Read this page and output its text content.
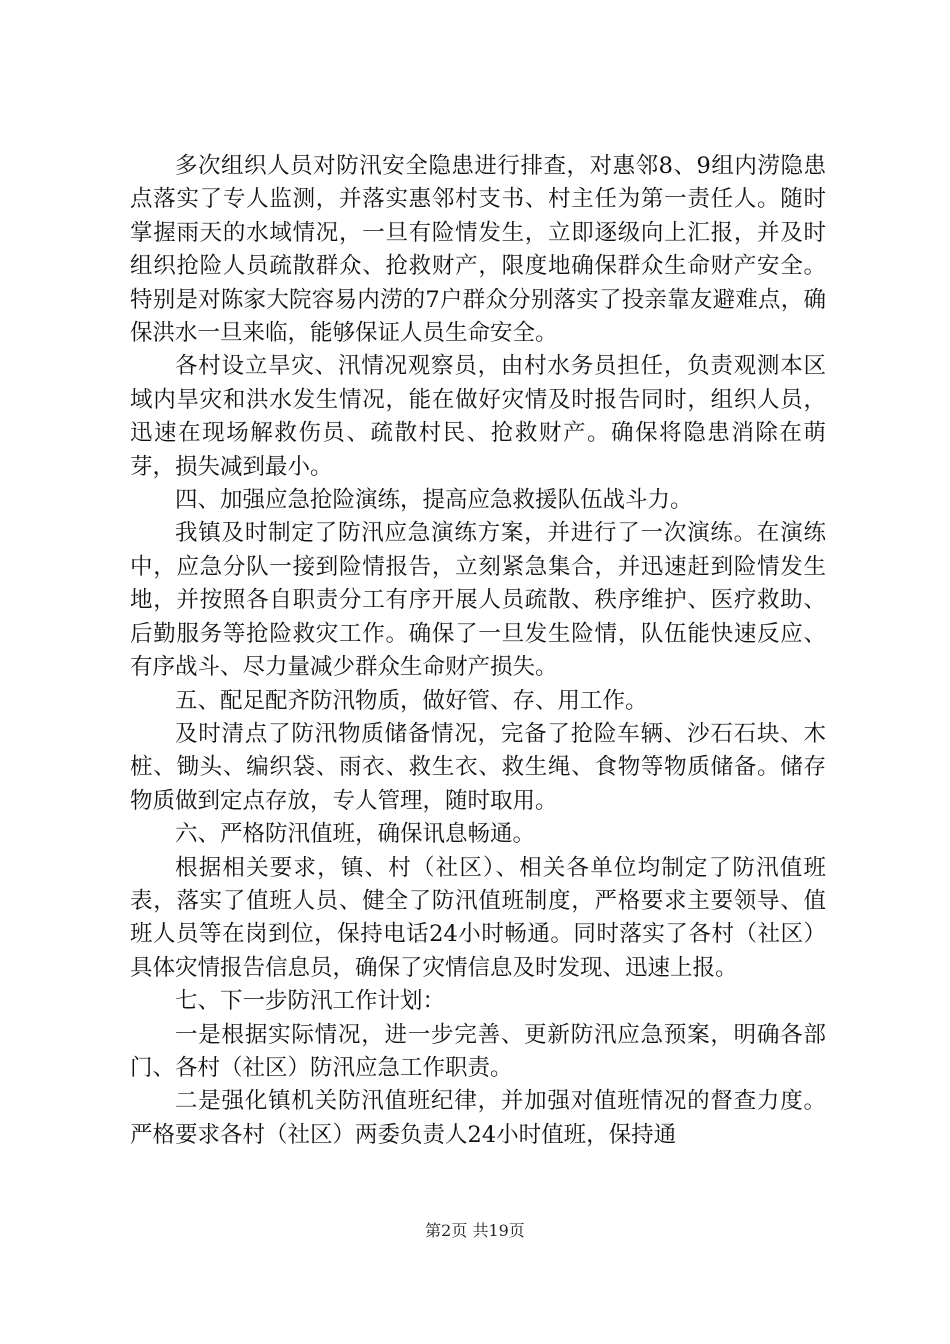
多次组织人员对防汛安全隐患进行排查，对惠邻8、9组内涝隐患点落实了专人监测，并落实惠邻村支书、村主任为第一责任人。随时掌握雨天的水域情况，一旦有险情发生，立即逐级向上汇报，并及时组织抢险人员疏散群众、抢救财产，限度地确保群众生命财产安全。特别是对陈家大院容易内涝的7户群众分别落实了投亲靠友避难点，确保洪水一旦来临，能够保证人员生命安全。

各村设立旱灾、汛情况观察员，由村水务员担任，负责观测本区域内旱灾和洪水发生情况，能在做好灾情及时报告同时，组织人员，迅速在现场解救伤员、疏散村民、抢救财产。确保将隐患消除在萌芽，损失减到最小。

四、加强应急抢险演练，提高应急救援队伍战斗力。

我镇及时制定了防汛应急演练方案，并进行了一次演练。在演练中，应急分队一接到险情报告，立刻紧急集合，并迅速赶到险情发生地，并按照各自职责分工有序开展人员疏散、秩序维护、医疗救助、后勤服务等抢险救灾工作。确保了一旦发生险情，队伍能快速反应、有序战斗、尽力量减少群众生命财产损失。

五、配足配齐防汛物质，做好管、存、用工作。

及时清点了防汛物质储备情况，完备了抢险车辆、沙石石块、木桩、锄头、编织袋、雨衣、救生衣、救生绳、食物等物质储备。储存物质做到定点存放，专人管理，随时取用。

六、严格防汛值班，确保讯息畅通。

根据相关要求，镇、村（社区）、相关各单位均制定了防汛值班表，落实了值班人员、健全了防汛值班制度，严格要求主要领导、值班人员等在岗到位，保持电话24小时畅通。同时落实了各村（社区）具体灾情报告信息员，确保了灾情信息及时发现、迅速上报。

七、下一步防汛工作计划：

一是根据实际情况，进一步完善、更新防汛应急预案，明确各部门、各村（社区）防汛应急工作职责。

二是强化镇机关防汛值班纪律，并加强对值班情况的督查力度。严格要求各村（社区）两委负责人24小时值班，保持通

第2页 共19页
